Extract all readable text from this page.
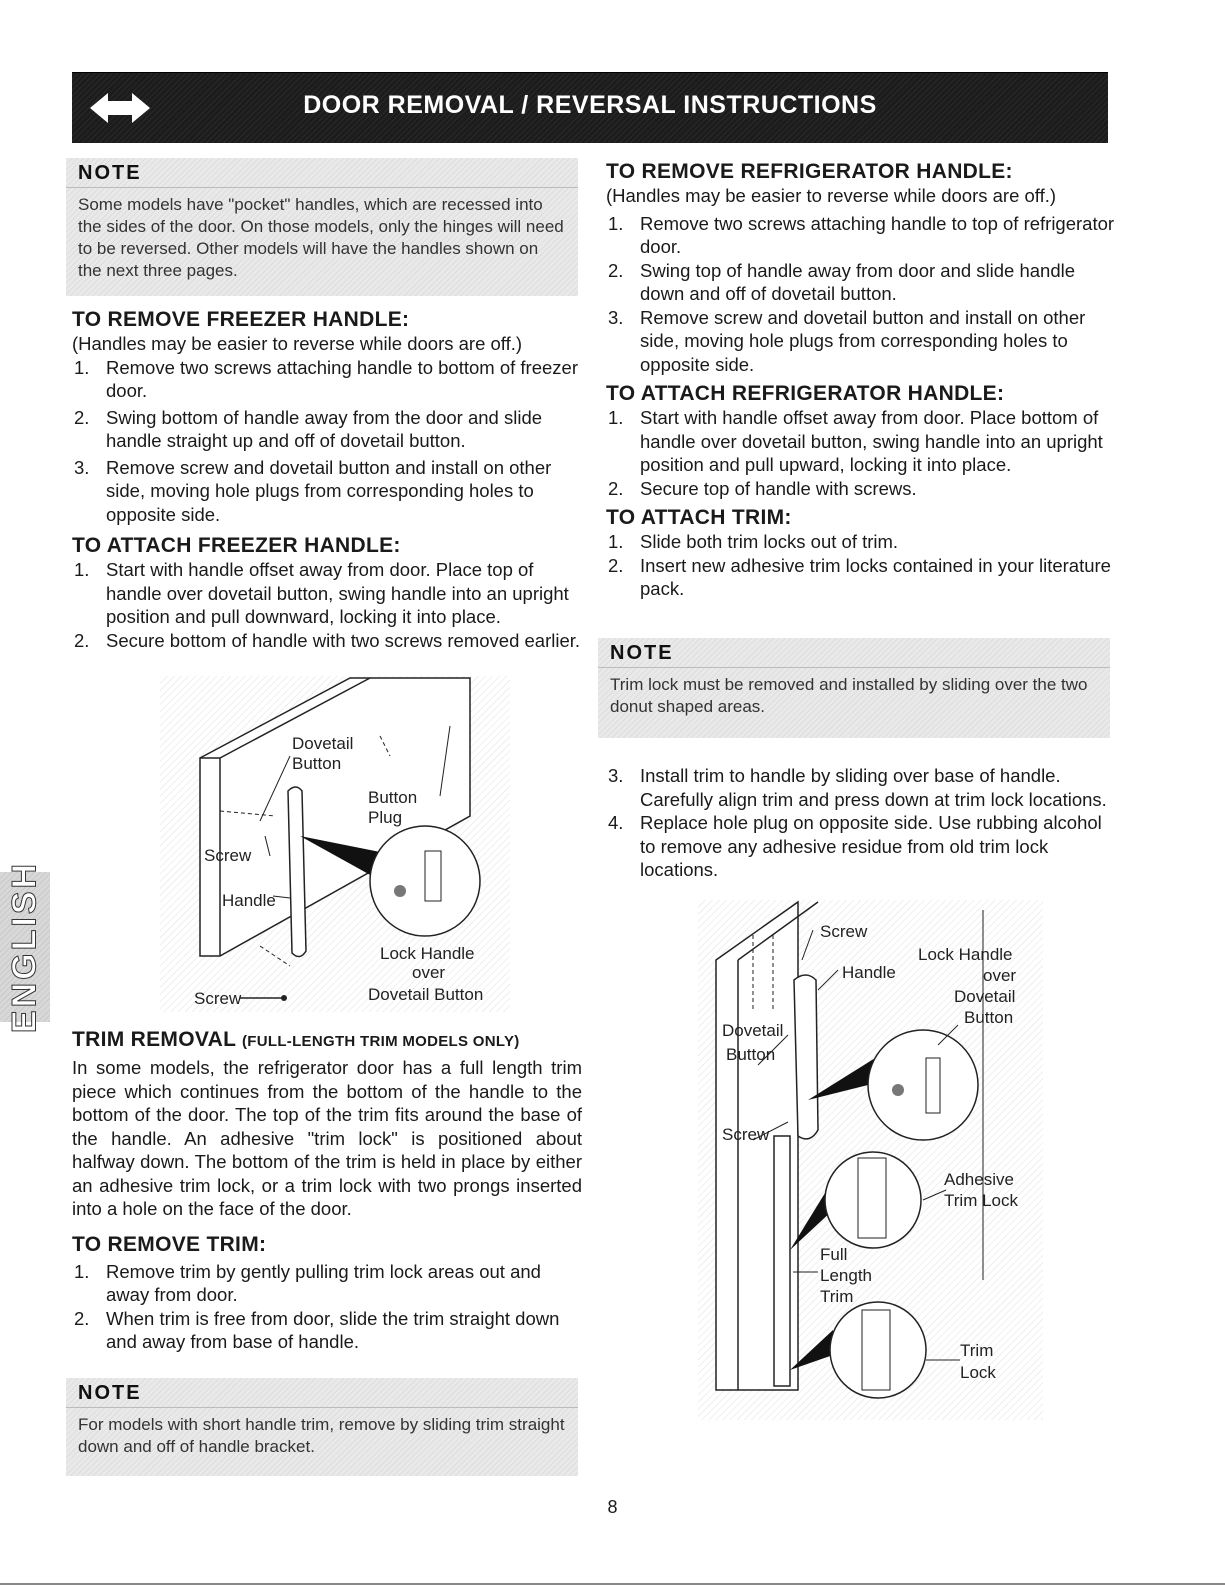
DOOR REMOVAL / REVERSAL INSTRUCTIONS
NOTE
Some models have "pocket" handles, which are recessed into the sides of the door. On those models, only the hinges will need to be reversed. Other models will have the handles shown on the next three pages.
TO REMOVE FREEZER HANDLE:

(Handles may be easier to reverse while doors are off.)

1. Remove two screws attaching handle to bottom of freezer door.
2. Swing bottom of handle away from the door and slide handle straight up and off of dovetail button.
3. Remove screw and dovetail button and install on other side, moving hole plugs from corresponding holes to opposite side.
TO ATTACH FREEZER HANDLE:
1. Start with handle offset away from door. Place top of handle over dovetail button, swing handle into an upright position and pull downward, locking it into place.
2. Secure bottom of handle with two screws removed earlier.
Dovetail
Button
Button
Plug
Screw
Handle
Lock Handle
over
Dovetail Button
Screw
TRIM REMOVAL (FULL-LENGTH TRIM MODELS ONLY)

In some models, the refrigerator door has a full length trim piece which continues from the bottom of the handle to the bottom of the door. The top of the trim fits around the base of the handle. An adhesive "trim lock" is positioned about halfway down. The bottom of the trim is held in place by either an adhesive trim lock, or a trim lock with two prongs inserted into a hole on the face of the door.

TO REMOVE TRIM:
1. Remove trim by gently pulling trim lock areas out and away from door.
2. When trim is free from door, slide the trim straight down and away from base of handle.
NOTE
For models with short handle trim, remove by sliding trim straight down and off of handle bracket.
TO REMOVE REFRIGERATOR HANDLE:

(Handles may be easier to reverse while doors are off.)

1. Remove two screws attaching handle to top of refrigerator door.
2. Swing top of handle away from door and slide handle down and off of dovetail button.
3. Remove screw and dovetail button and install on other side, moving hole plugs from corresponding holes to opposite side.
TO ATTACH REFRIGERATOR HANDLE:
1. Start with handle offset away from door. Place bottom of handle over dovetail button, swing handle into an upright position and pull upward, locking it into place.
2. Secure top of handle with screws.
TO ATTACH TRIM:
1. Slide both trim locks out of trim.
2. Insert new adhesive trim locks contained in your literature pack.
NOTE
Trim lock must be removed and installed by sliding over the two donut shaped areas.
3. Install trim to handle by sliding over base of handle. Carefully align trim and press down at trim lock locations.
4. Replace hole plug on opposite side. Use rubbing alcohol to remove any adhesive residue from old trim lock locations.
Screw
Handle
Lock Handle
over
Dovetail
Button
Dovetail
Button
Screw
Adhesive
Trim Lock
Full
Length
Trim
Trim
Lock
ENGLISH
8
